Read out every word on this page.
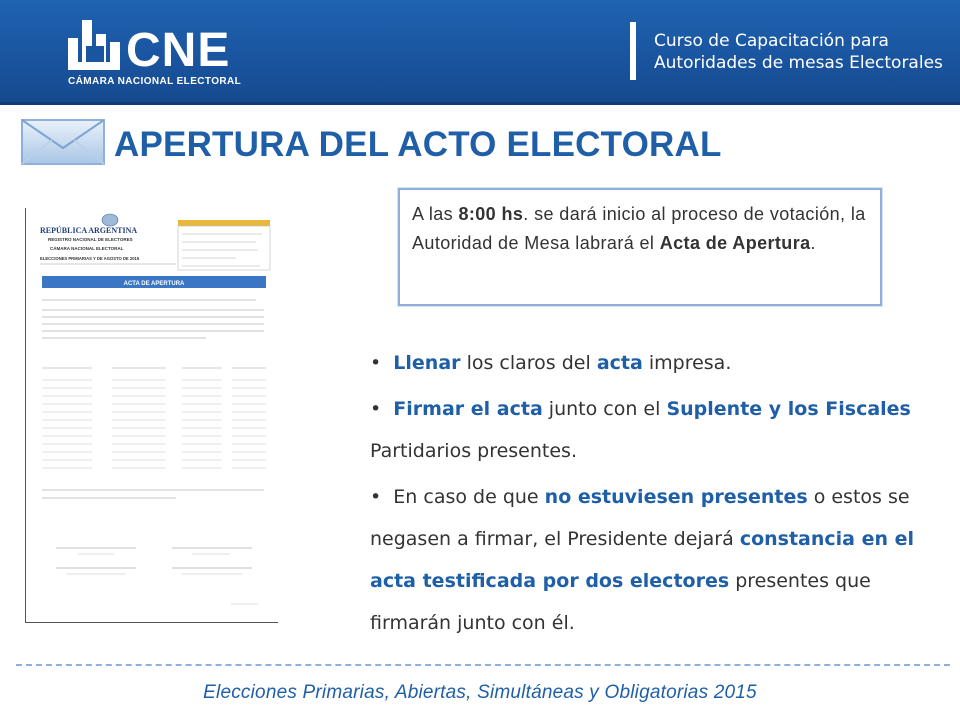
CNE
CÁMARA NACIONAL ELECTORAL
Curso de Capacitación para
Autoridades de mesas Electorales
APERTURA DEL ACTO ELECTORAL
REPÚBLICA ARGENTINA
REGISTRO NACIONAL DE ELECTORES
CÁMARA NACIONAL ELECTORAL
ELECCIONES PRIMARIAS Y DE AGOSTO DE 2015
ACTA DE APERTURA
A las 8:00 hs. se dará inicio al proceso de votación, la Autoridad de Mesa labrará el Acta de Apertura.
•  Llenar los claros del acta impresa.
•  Firmar el acta junto con el Suplente y los Fiscales Partidarios presentes.
•  En caso de que no estuviesen presentes o estos se negasen a firmar, el Presidente dejará constancia en el acta testificada por dos electores presentes que firmarán junto con él.
Elecciones Primarias, Abiertas, Simultáneas y Obligatorias 2015
